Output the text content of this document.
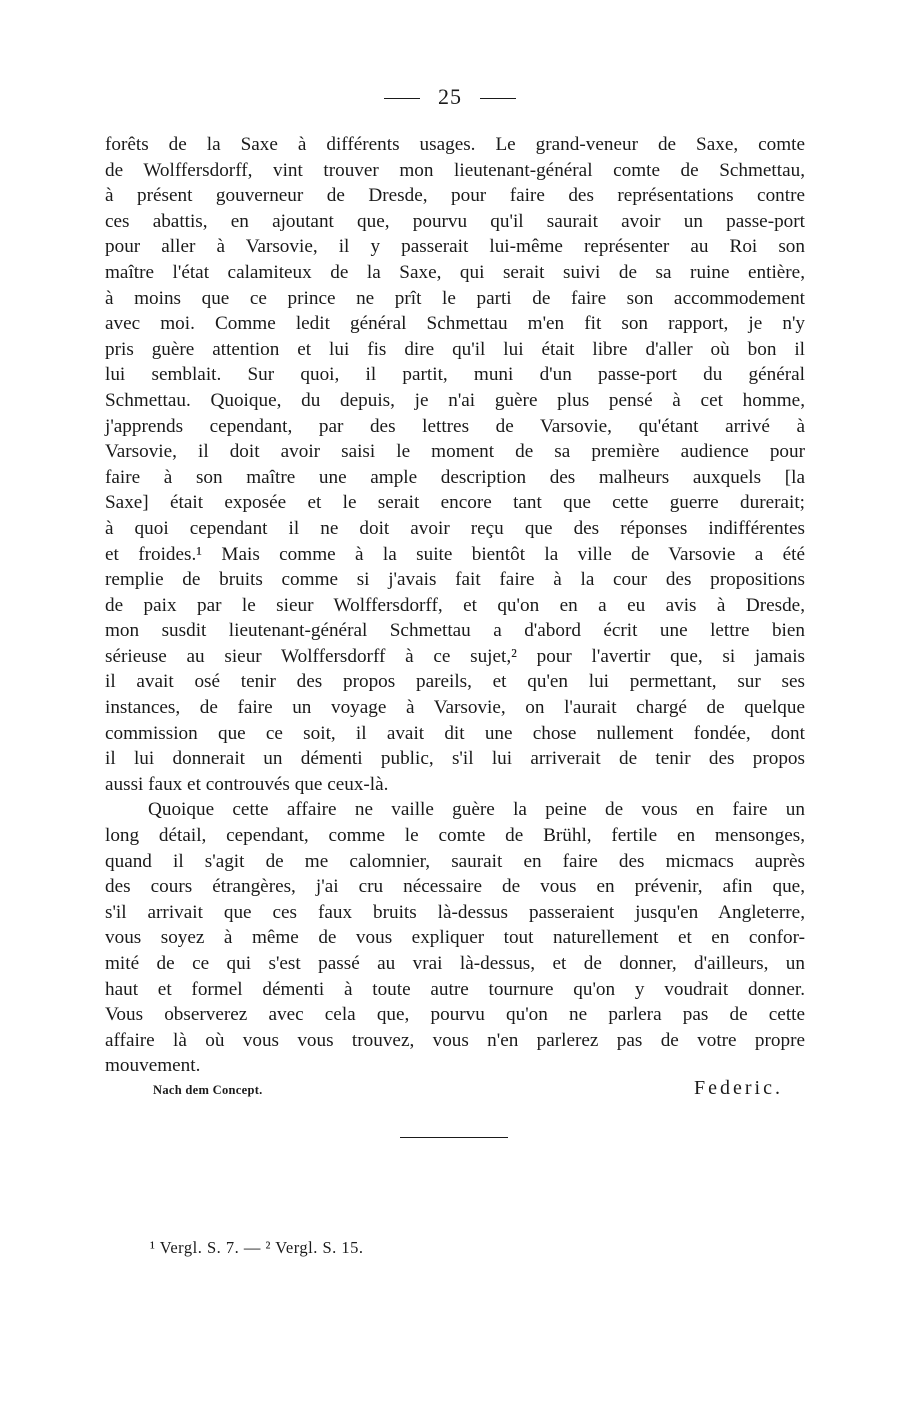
25

forêts de la Saxe à différents usages. Le grand-veneur de Saxe, comte
de Wolffersdorff, vint trouver mon lieutenant-général comte de Schmettau,
à présent gouverneur de Dresde, pour faire des représentations contre
ces abattis, en ajoutant que, pourvu qu'il saurait avoir un passe-port
pour aller à Varsovie, il y passerait lui-même représenter au Roi son
maître l'état calamiteux de la Saxe, qui serait suivi de sa ruine entière,
à moins que ce prince ne prît le parti de faire son accommodement
avec moi. Comme ledit général Schmettau m'en fit son rapport, je n'y
pris guère attention et lui fis dire qu'il lui était libre d'aller où bon il
lui semblait. Sur quoi, il partit, muni d'un passe-port du général
Schmettau. Quoique, du depuis, je n'ai guère plus pensé à cet homme,
j'apprends cependant, par des lettres de Varsovie, qu'étant arrivé à
Varsovie, il doit avoir saisi le moment de sa première audience pour
faire à son maître une ample description des malheurs auxquels [la
Saxe] était exposée et le serait encore tant que cette guerre durerait;
à quoi cependant il ne doit avoir reçu que des réponses indifférentes
et froides.¹ Mais comme à la suite bientôt la ville de Varsovie a été
remplie de bruits comme si j'avais fait faire à la cour des propositions
de paix par le sieur Wolffersdorff, et qu'on en a eu avis à Dresde,
mon susdit lieutenant-général Schmettau a d'abord écrit une lettre bien
sérieuse au sieur Wolffersdorff à ce sujet,² pour l'avertir que, si jamais
il avait osé tenir des propos pareils, et qu'en lui permettant, sur ses
instances, de faire un voyage à Varsovie, on l'aurait chargé de quelque
commission que ce soit, il avait dit une chose nullement fondée, dont
il lui donnerait un démenti public, s'il lui arriverait de tenir des propos
aussi faux et controuvés que ceux-là.

Quoique cette affaire ne vaille guère la peine de vous en faire un
long détail, cependant, comme le comte de Brühl, fertile en mensonges,
quand il s'agit de me calomnier, saurait en faire des micmacs auprès
des cours étrangères, j'ai cru nécessaire de vous en prévenir, afin que,
s'il arrivait que ces faux bruits là-dessus passeraient jusqu'en Angleterre,
vous soyez à même de vous expliquer tout naturellement et en confor-
mité de ce qui s'est passé au vrai là-dessus, et de donner, d'ailleurs, un
haut et formel démenti à toute autre tournure qu'on y voudrait donner.
Vous observerez avec cela que, pourvu qu'on ne parlera pas de cette
affaire là où vous vous trouvez, vous n'en parlerez pas de votre propre
mouvement.

Nach dem Concept.	Federic.
¹ Vergl. S. 7. — ² Vergl. S. 15.
